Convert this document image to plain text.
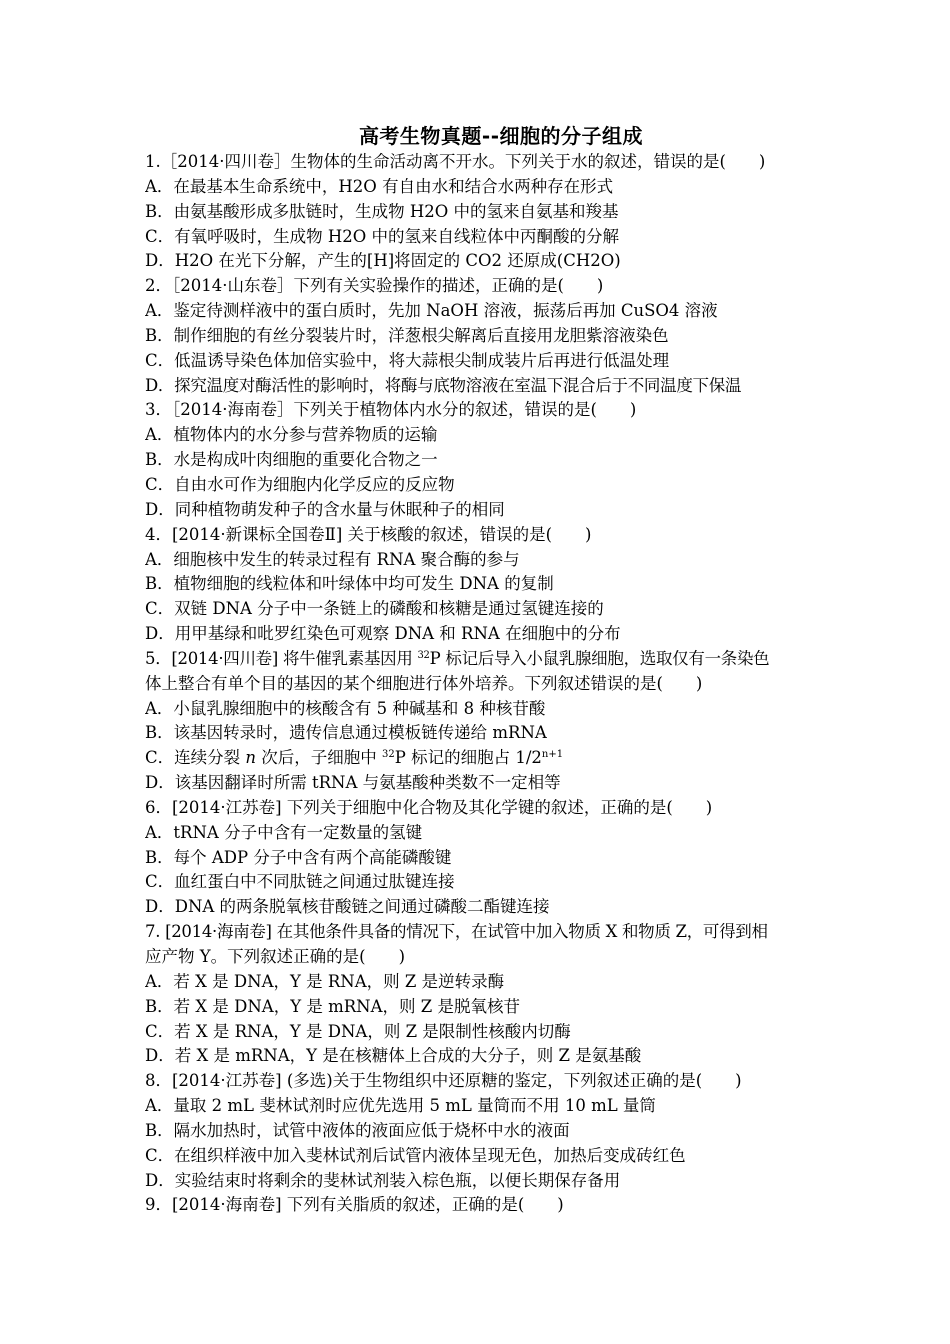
高考生物真题--细胞的分子组成
1.［2014·四川卷］生物体的生命活动离不开水。下列关于水的叙述，错误的是(　　)
A．在最基本生命系统中，H2O 有自由水和结合水两种存在形式
B．由氨基酸形成多肽链时，生成物 H2O 中的氢来自氨基和羧基
C．有氧呼吸时，生成物 H2O 中的氢来自线粒体中丙酮酸的分解
D．H2O 在光下分解，产生的[H]将固定的 CO2 还原成(CH2O)
2．［2014·山东卷］下列有关实验操作的描述，正确的是(　　)
A．鉴定待测样液中的蛋白质时，先加 NaOH 溶液，振荡后再加 CuSO4 溶液
B．制作细胞的有丝分裂装片时，洋葱根尖解离后直接用龙胆紫溶液染色
C．低温诱导染色体加倍实验中，将大蒜根尖制成装片后再进行低温处理
D．探究温度对酶活性的影响时，将酶与底物溶液在室温下混合后于不同温度下保温
3．［2014·海南卷］下列关于植物体内水分的叙述，错误的是(　　)
A．植物体内的水分参与营养物质的运输
B．水是构成叶肉细胞的重要化合物之一
C．自由水可作为细胞内化学反应的反应物
D．同种植物萌发种子的含水量与休眠种子的相同
4．[2014·新课标全国卷Ⅱ] 关于核酸的叙述，错误的是(　　)
A．细胞核中发生的转录过程有 RNA 聚合酶的参与
B．植物细胞的线粒体和叶绿体中均可发生 DNA 的复制
C．双链 DNA 分子中一条链上的磷酸和核糖是通过氢键连接的
D．用甲基绿和吡罗红染色可观察 DNA 和 RNA 在细胞中的分布
5．[2014·四川卷] 将牛催乳素基因用 $^{32}$P 标记后导入小鼠乳腺细胞，选取仅有一条染色
体上整合有单个目的基因的某个细胞进行体外培养。下列叙述错误的是(　　)
A．小鼠乳腺细胞中的核酸含有 5 种碱基和 8 种核苷酸
B．该基因转录时，遗传信息通过模板链传递给 mRNA
C．连续分裂 n 次后，子细胞中 $^{32}$P 标记的细胞占 $1/2^{n+1}$
D．该基因翻译时所需 tRNA 与氨基酸种类数不一定相等
6．[2014·江苏卷] 下列关于细胞中化合物及其化学键的叙述，正确的是(　　)
A．tRNA 分子中含有一定数量的氢键
B．每个 ADP 分子中含有两个高能磷酸键
C．血红蛋白中不同肽链之间通过肽键连接
D．DNA 的两条脱氧核苷酸链之间通过磷酸二酯键连接
7. [2014·海南卷] 在其他条件具备的情况下，在试管中加入物质 X 和物质 Z，可得到相
应产物 Y。下列叙述正确的是(　　)
A．若 X 是 DNA，Y 是 RNA，则 Z 是逆转录酶
B．若 X 是 DNA，Y 是 mRNA，则 Z 是脱氧核苷
C．若 X 是 RNA，Y 是 DNA，则 Z 是限制性核酸内切酶
D．若 X 是 mRNA，Y 是在核糖体上合成的大分子，则 Z 是氨基酸
8．[2014·江苏卷] (多选)关于生物组织中还原糖的鉴定，下列叙述正确的是(　　)
A．量取 2 mL 斐林试剂时应优先选用 5 mL 量筒而不用 10 mL 量筒
B．隔水加热时，试管中液体的液面应低于烧杯中水的液面
C．在组织样液中加入斐林试剂后试管内液体呈现无色，加热后变成砖红色
D．实验结束时将剩余的斐林试剂装入棕色瓶，以便长期保存备用
9．[2014·海南卷] 下列有关脂质的叙述，正确的是(　　)
